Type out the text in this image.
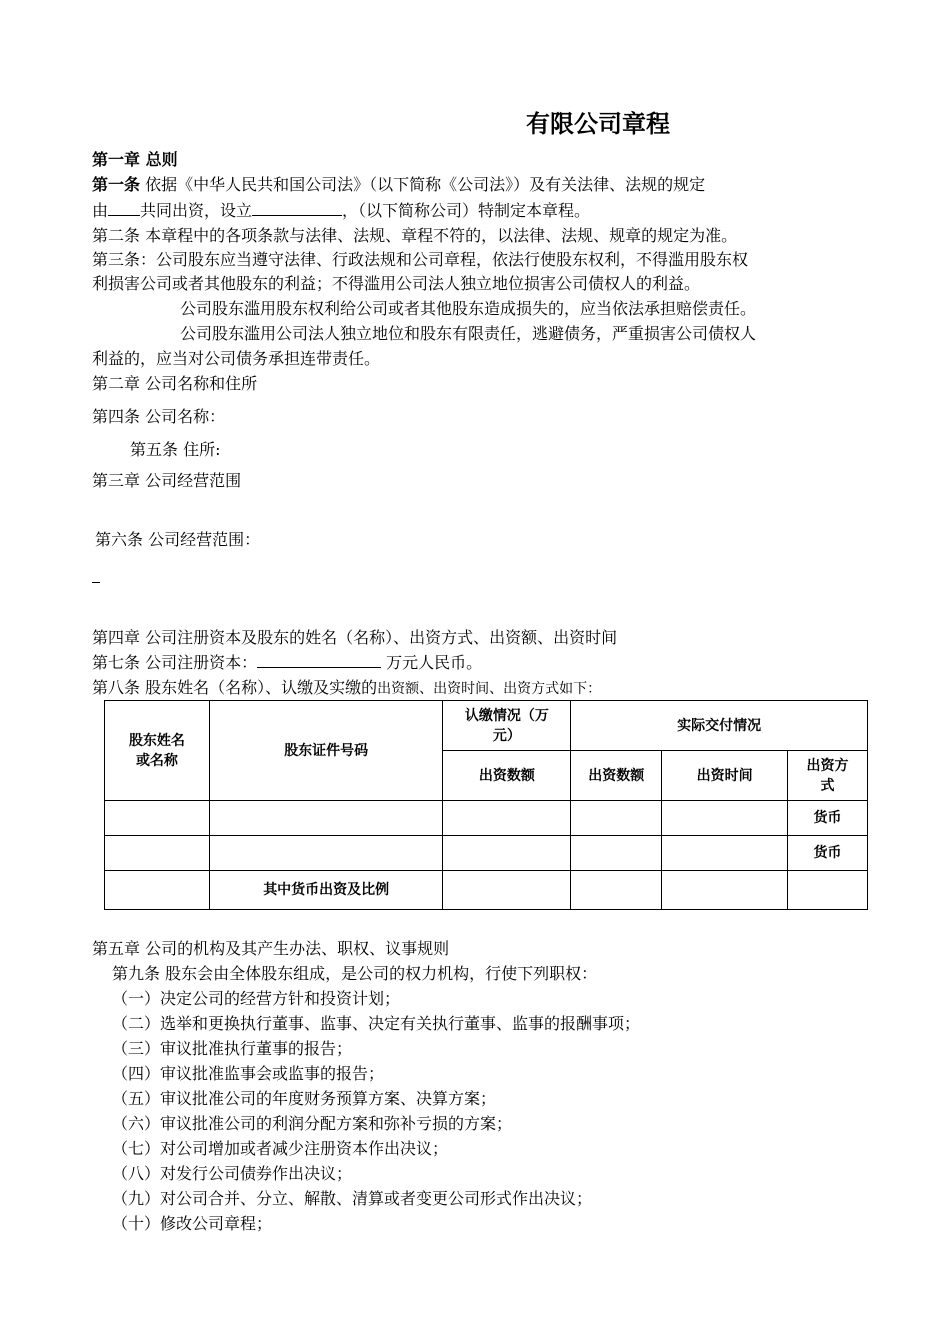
有限公司章程
第一章 总则
第一条 依据《中华人民共和国公司法》（以下简称《公司法》）及有关法律、法规的规定
由 共同出资，设立	，（以下简称公司）特制定本章程。
第二条 本章程中的各项条款与法律、法规、章程不符的，以法律、法规、规章的规定为准。
第三条：公司股东应当遵守法律、行政法规和公司章程，依法行使股东权利，不得滥用股东权
利损害公司或者其他股东的利益；不得滥用公司法人独立地位损害公司债权人的利益。
公司股东滥用股东权利给公司或者其他股东造成损失的，应当依法承担赔偿责任。
公司股东滥用公司法人独立地位和股东有限责任，逃避债务，严重损害公司债权人
利益的，应当对公司债务承担连带责任。
第二章 公司名称和住所
第四条 公司名称：
第五条 住所:
第三章 公司经营范围
第六条 公司经营范围：
第四章 公司注册资本及股东的姓名（名称）、出资方式、出资额、出资时间
第七条 公司注册资本：	万元人民币。
第八条 股东姓名（名称）、认缴及实缴的出资额、出资时间、出资方式如下：
股东姓名或名称	股东证件号码	认缴情况（万元）	实际交付情况		
		出资数额	出资数额	出资时间	出资方式
					货币
					货币
	其中货币出资及比例				
第五章 公司的机构及其产生办法、职权、议事规则
第九条 股东会由全体股东组成，是公司的权力机构，行使下列职权：
（一）决定公司的经营方针和投资计划；
（二）选举和更换执行董事、监事、决定有关执行董事、监事的报酬事项；
（三）审议批准执行董事的报告；
（四）审议批准监事会或监事的报告；
（五）审议批准公司的年度财务预算方案、决算方案；
（六）审议批准公司的利润分配方案和弥补亏损的方案；
（七）对公司增加或者减少注册资本作出决议；
（八）对发行公司债券作出决议；
（九）对公司合并、分立、解散、清算或者变更公司形式作出决议；
（十）修改公司章程；
